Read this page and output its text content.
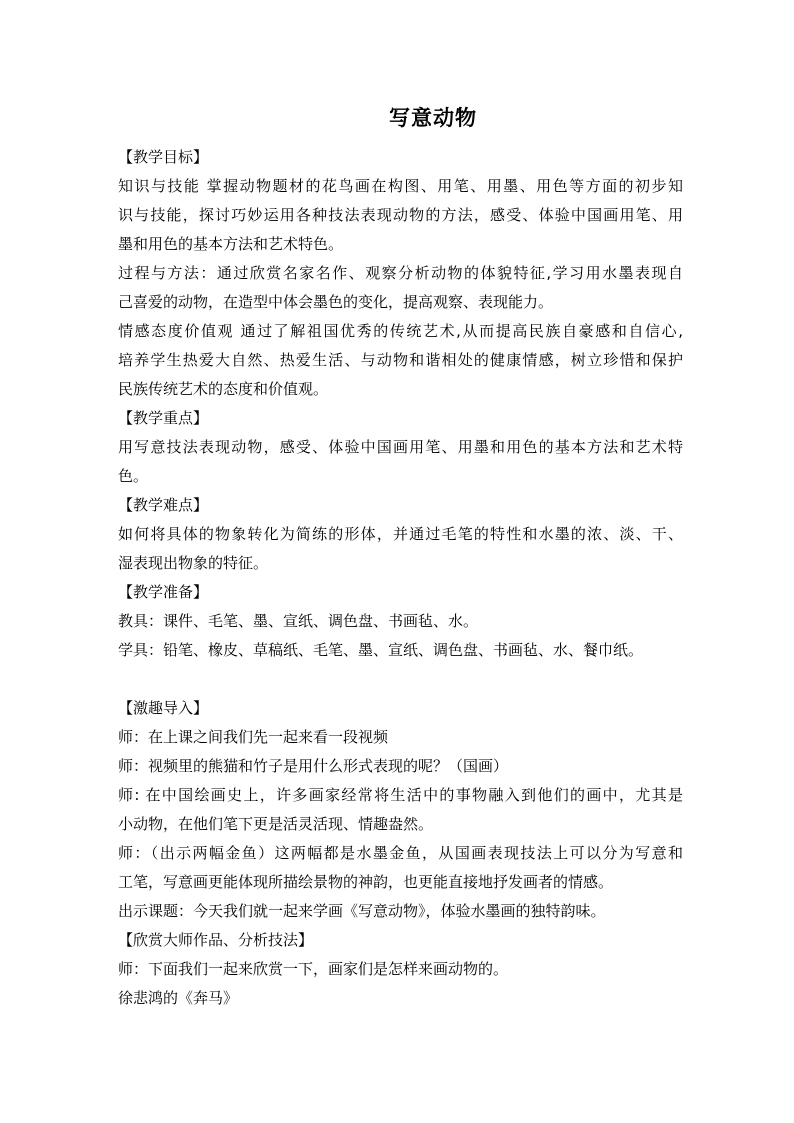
写意动物
【教学目标】
知识与技能 掌握动物题材的花鸟画在构图、用笔、用墨、用色等方面的初步知
识与技能，探讨巧妙运用各种技法表现动物的方法，感受、体验中国画用笔、用
墨和用色的基本方法和艺术特色。
过程与方法：通过欣赏名家名作、观察分析动物的体貌特征,学习用水墨表现自
己喜爱的动物，在造型中体会墨色的变化，提高观察、表现能力。
情感态度价值观 通过了解祖国优秀的传统艺术,从而提高民族自豪感和自信心,
培养学生热爱大自然、热爱生活、与动物和谐相处的健康情感，树立珍惜和保护
民族传统艺术的态度和价值观。
【教学重点】
用写意技法表现动物，感受、体验中国画用笔、用墨和用色的基本方法和艺术特
色。
【教学难点】
如何将具体的物象转化为简练的形体，并通过毛笔的特性和水墨的浓、淡、干、
湿表现出物象的特征。
【教学准备】
教具：课件、毛笔、墨、宣纸、调色盘、书画毡、水。
学具：铅笔、橡皮、草稿纸、毛笔、墨、宣纸、调色盘、书画毡、水、餐巾纸。
【激趣导入】
师：在上课之间我们先一起来看一段视频
师：视频里的熊猫和竹子是用什么形式表现的呢？（国画）
师: 在中国绘画史上，许多画家经常将生活中的事物融入到他们的画中，尤其是
小动物，在他们笔下更是活灵活现、情趣盎然。
师：（出示两幅金鱼）这两幅都是水墨金鱼，从国画表现技法上可以分为写意和
工笔，写意画更能体现所描绘景物的神韵，也更能直接地抒发画者的情感。
出示课题：今天我们就一起来学画《写意动物》，体验水墨画的独特韵味。
【欣赏大师作品、分析技法】
师：下面我们一起来欣赏一下，画家们是怎样来画动物的。
徐悲鸿的《奔马》
